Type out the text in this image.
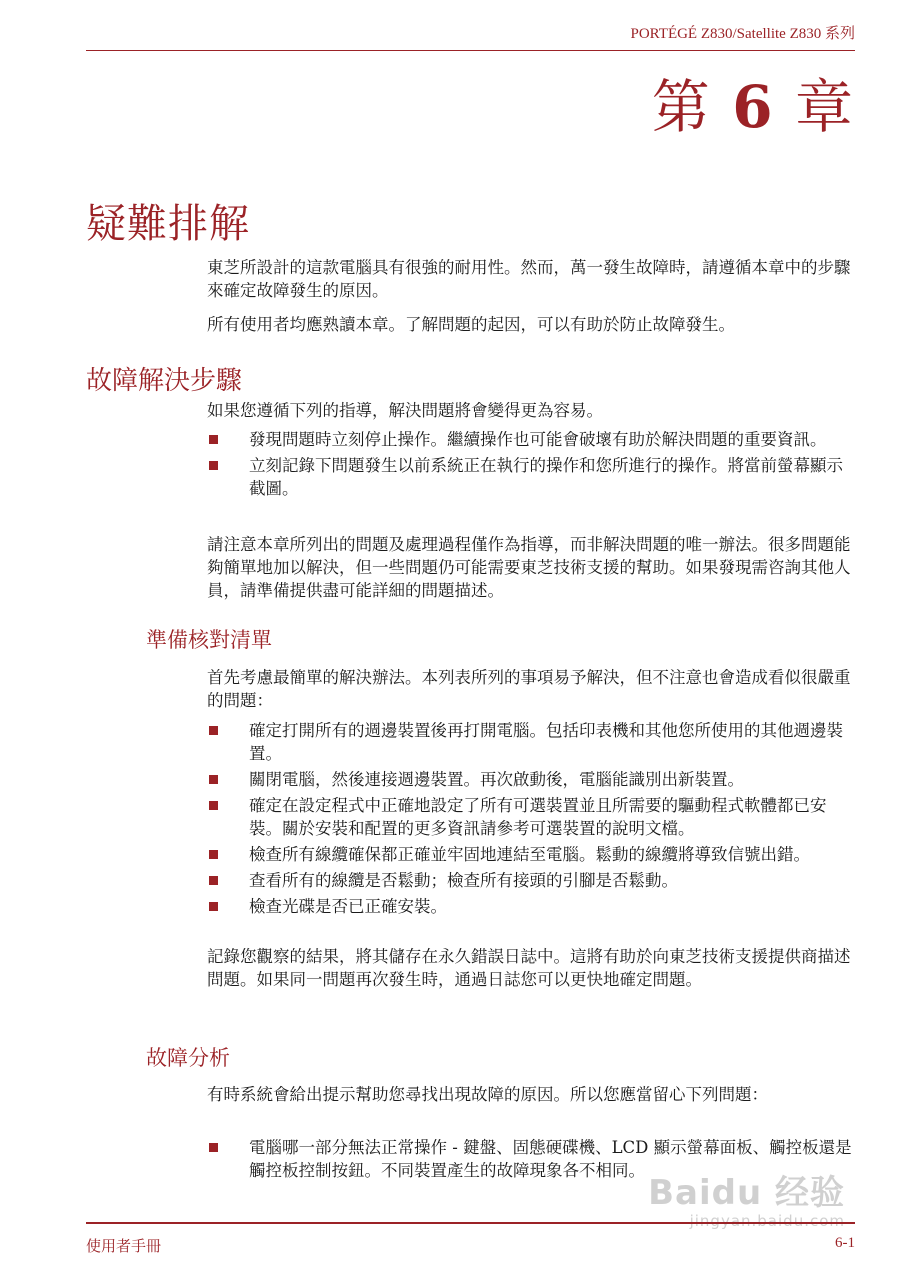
PORTÉGÉ Z830/Satellite Z830 系列
第 6 章
疑難排解

東芝所設計的這款電腦具有很強的耐用性。然而，萬一發生故障時，請遵循本章中的步驟來確定故障發生的原因。

所有使用者均應熟讀本章。了解問題的起因，可以有助於防止故障發生。

故障解決步驟

如果您遵循下列的指導，解決問題將會變得更為容易。

發現問題時立刻停止操作。繼續操作也可能會破壞有助於解決問題的重要資訊。
立刻記錄下問題發生以前系統正在執行的操作和您所進行的操作。將當前螢幕顯示截圖。

請注意本章所列出的問題及處理過程僅作為指導，而非解決問題的唯一辦法。很多問題能夠簡單地加以解決，但一些問題仍可能需要東芝技術支援的幫助。如果發現需咨詢其他人員，請準備提供盡可能詳細的問題描述。

準備核對清單

首先考慮最簡單的解決辦法。本列表所列的事項易予解決，但不注意也會造成看似很嚴重的問題：

確定打開所有的週邊裝置後再打開電腦。包括印表機和其他您所使用的其他週邊裝置。
關閉電腦，然後連接週邊裝置。再次啟動後，電腦能識別出新裝置。
確定在設定程式中正確地設定了所有可選裝置並且所需要的驅動程式軟體都已安裝。關於安裝和配置的更多資訊請參考可選裝置的說明文檔。
檢查所有線纜確保都正確並牢固地連結至電腦。鬆動的線纜將導致信號出錯。
查看所有的線纜是否鬆動；檢查所有接頭的引腳是否鬆動。
檢查光碟是否已正確安裝。

記錄您觀察的結果，將其儲存在永久錯誤日誌中。這將有助於向東芝技術支援提供商描述問題。如果同一問題再次發生時，通過日誌您可以更快地確定問題。

故障分析

有時系統會給出提示幫助您尋找出現故障的原因。所以您應當留心下列問題：

電腦哪一部分無法正常操作 - 鍵盤、固態硬碟機、LCD 顯示螢幕面板、觸控板還是觸控板控制按鈕。不同裝置產生的故障現象各不相同。
Baidu 经验
jingyan.baidu.com
使用者手冊	6-1
